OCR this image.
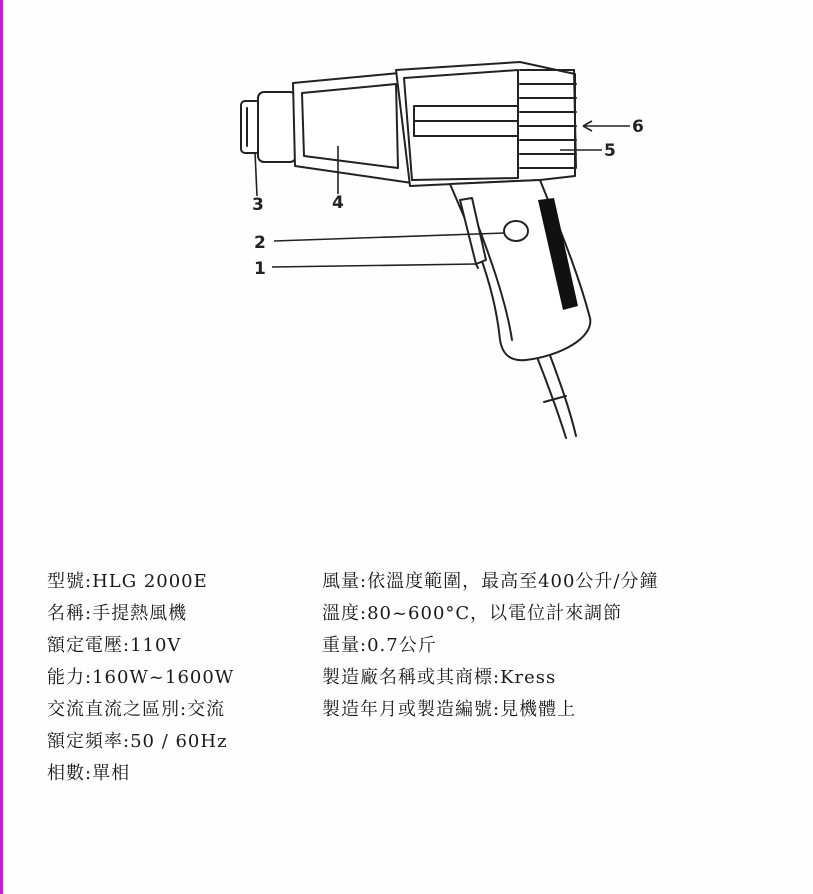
6
5
3	4
2
1
型號:HLG 2000E
名稱:手提熱風機
額定電壓:110V
能力:160W~1600W
交流直流之區別:交流
額定頻率:50 / 60Hz
相數:單相
風量:依溫度範圍，最高至400公升/分鐘
溫度:80~600°C，以電位計來調節
重量:0.7公斤
製造廠名稱或其商標:Kress
製造年月或製造編號:見機體上
